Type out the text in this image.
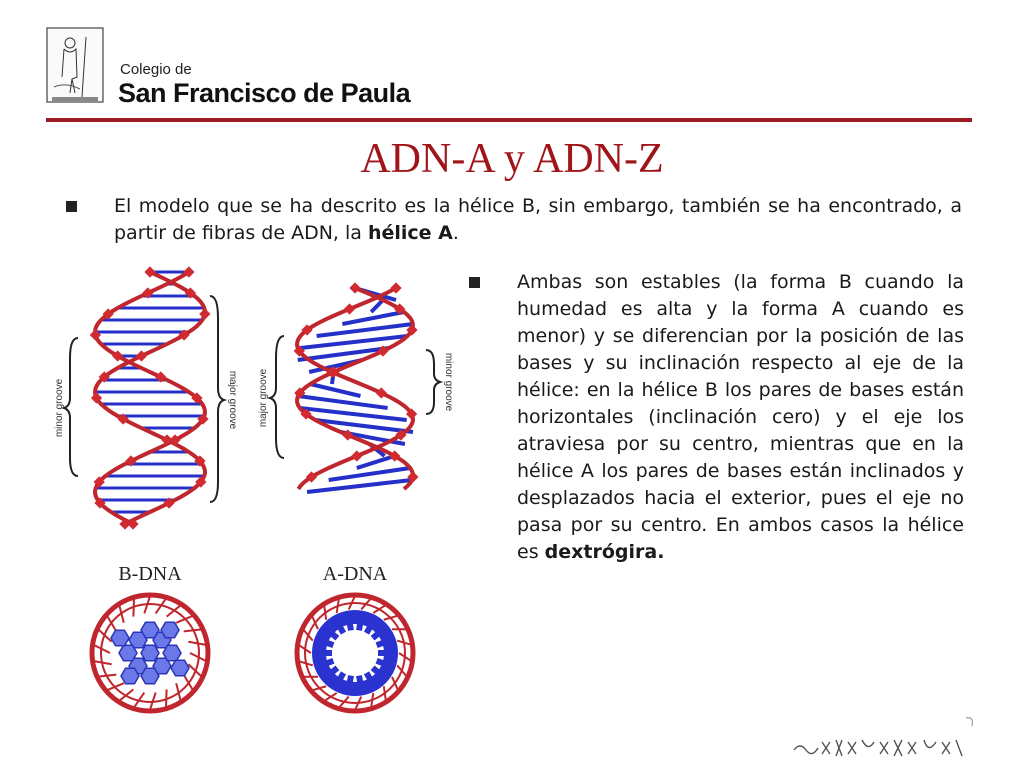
Colegio de
San Francisco de Paula
ADN-A y ADN-Z
El modelo que se ha descrito es la hélice B, sin embargo, también se ha encontrado, a partir de fibras de ADN, la hélice A.
Ambas son estables (la forma B cuando la humedad es alta y la forma A cuando es menor) y se diferencian por la posición de las bases y su inclinación respecto al eje de la hélice: en la hélice B los pares de bases están horizontales (inclinación cero) y el eje los atraviesa por su centro, mientras que en la hélice A los pares de bases están inclinados y desplazados hacia el exterior, pues el eje no pasa por su centro. En ambos casos la hélice es dextrógira.
minor groove	major groove major groove	minor groove
B-DNA	A-DNA
